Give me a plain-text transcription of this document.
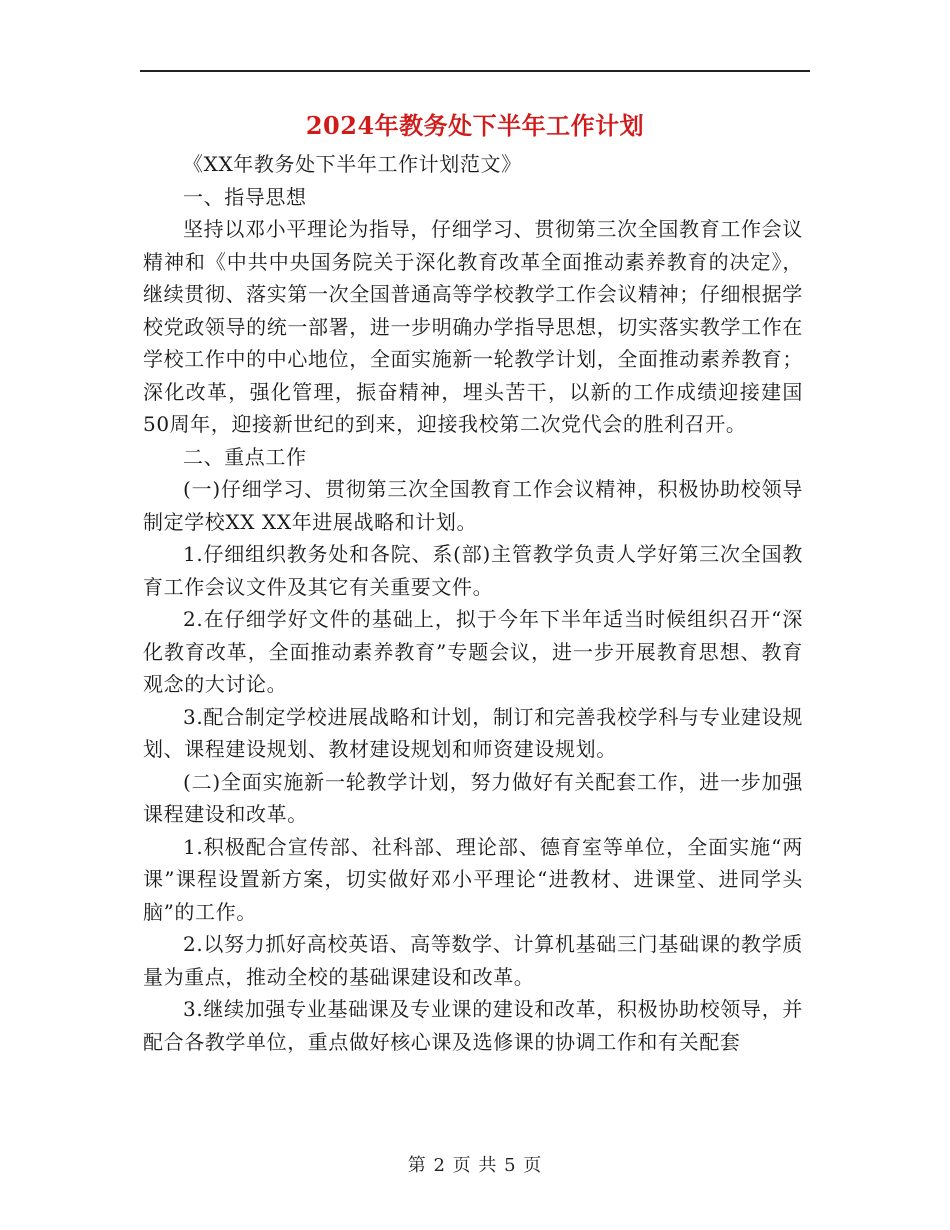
2024年教务处下半年工作计划

《XX年教务处下半年工作计划范文》

一、指导思想

坚持以邓小平理论为指导，仔细学习、贯彻第三次全国教育工作会议精神和《中共中央国务院关于深化教育改革全面推动素养教育的决定》，继续贯彻、落实第一次全国普通高等学校教学工作会议精神；仔细根据学校党政领导的统一部署，进一步明确办学指导思想，切实落实教学工作在学校工作中的中心地位，全面实施新一轮教学计划，全面推动素养教育；深化改革，强化管理，振奋精神，埋头苦干，以新的工作成绩迎接建国50周年，迎接新世纪的到来，迎接我校第二次党代会的胜利召开。

二、重点工作

(一)仔细学习、贯彻第三次全国教育工作会议精神，积极协助校领导制定学校XX XX年进展战略和计划。

1.仔细组织教务处和各院、系(部)主管教学负责人学好第三次全国教育工作会议文件及其它有关重要文件。

2.在仔细学好文件的基础上，拟于今年下半年适当时候组织召开“深化教育改革，全面推动素养教育”专题会议，进一步开展教育思想、教育观念的大讨论。

3.配合制定学校进展战略和计划，制订和完善我校学科与专业建设规划、课程建设规划、教材建设规划和师资建设规划。

(二)全面实施新一轮教学计划，努力做好有关配套工作，进一步加强课程建设和改革。

1.积极配合宣传部、社科部、理论部、德育室等单位，全面实施“两课”课程设置新方案，切实做好邓小平理论“进教材、进课堂、进同学头脑”的工作。

2.以努力抓好高校英语、高等数学、计算机基础三门基础课的教学质量为重点，推动全校的基础课建设和改革。

3.继续加强专业基础课及专业课的建设和改革，积极协助校领导，并配合各教学单位，重点做好核心课及选修课的协调工作和有关配套

第 2 页 共 5 页
